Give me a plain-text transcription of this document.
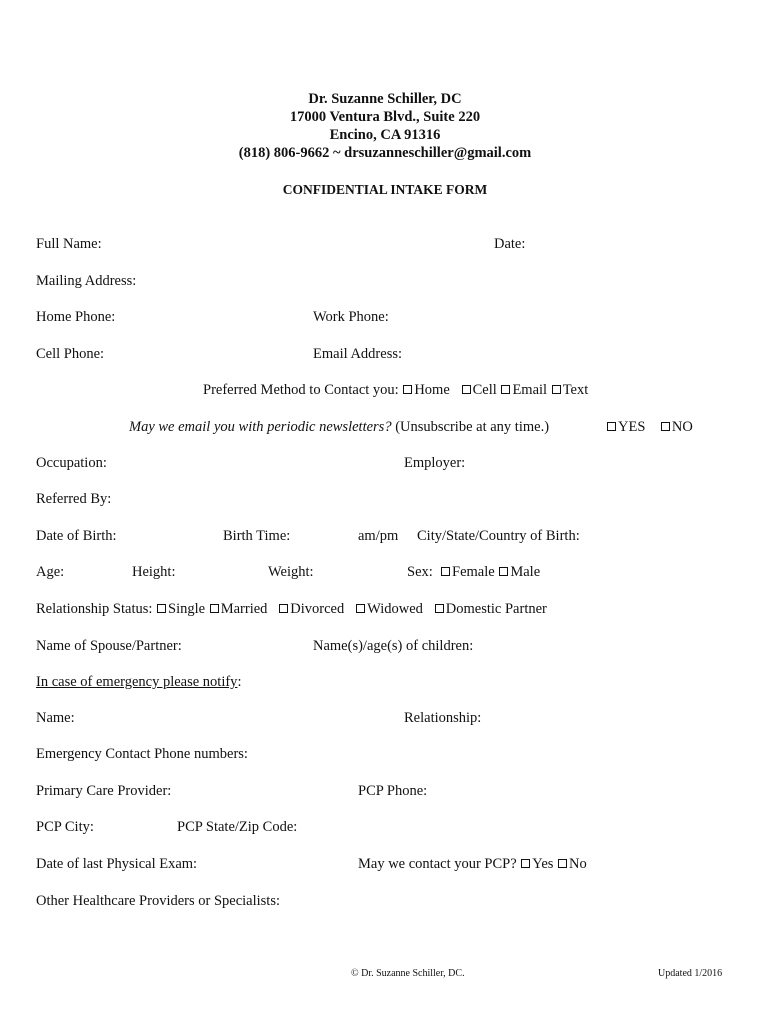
Dr. Suzanne Schiller, DC
17000 Ventura Blvd., Suite 220
Encino, CA 91316
(818) 806-9662 ~ drsuzanneschiller@gmail.com
CONFIDENTIAL INTAKE FORM
Full Name:	Date:
Mailing Address:
Home Phone:	Work Phone:
Cell Phone:	Email Address:
Preferred Method to Contact you: Home Cell Email Text
May we email you with periodic newsletters? (Unsubscribe at any time.)	YES NO
Occupation:	Employer:
Referred By:
Date of Birth:	Birth Time:	am/pm City/State/Country of Birth:
Age:	Height:	Weight:	Sex: Female Male
Relationship Status: Single Married Divorced Widowed Domestic Partner
Name of Spouse/Partner:	Name(s)/age(s) of children:
In case of emergency please notify:
Name:	Relationship:
Emergency Contact Phone numbers:
Primary Care Provider:	PCP Phone:
PCP City:	PCP State/Zip Code:
Date of last Physical Exam:	May we contact your PCP? Yes No
Other Healthcare Providers or Specialists:
© Dr. Suzanne Schiller, DC.	Updated 1/2016
